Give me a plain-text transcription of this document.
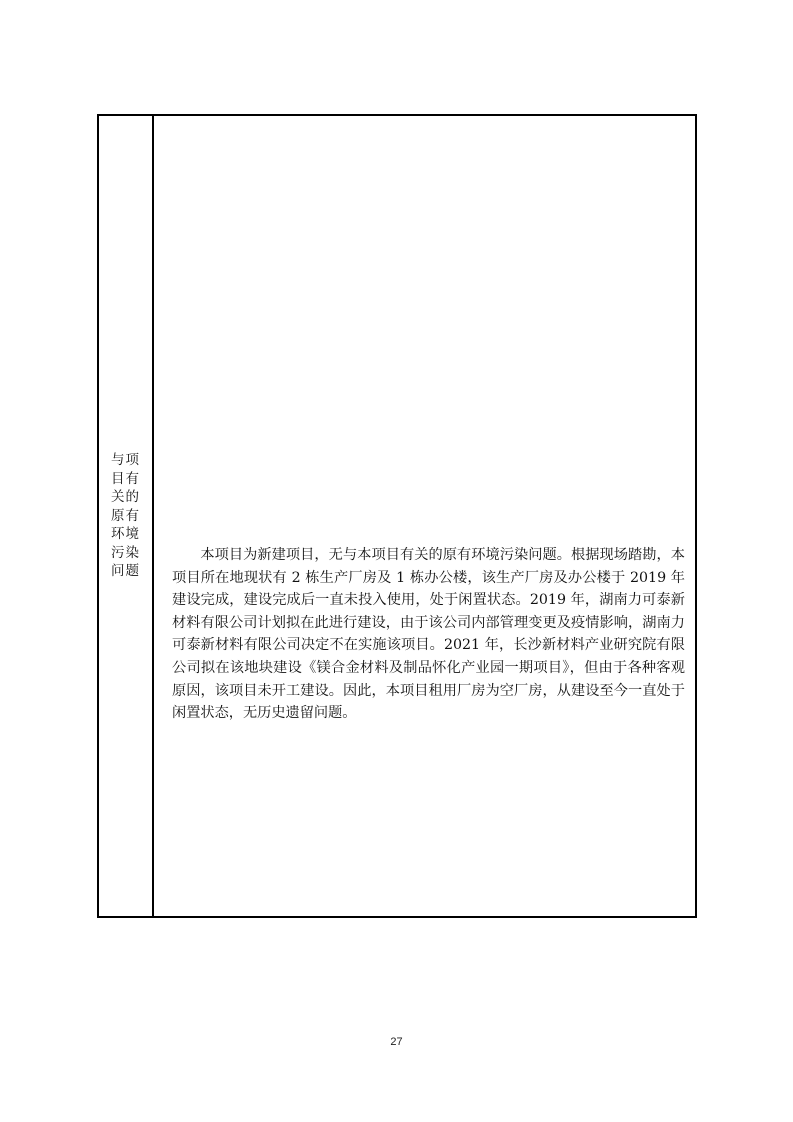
与项目有关的原有环境污染问题

本项目为新建项目，无与本项目有关的原有环境污染问题。根据现场踏勘，本项目所在地现状有 2 栋生产厂房及 1 栋办公楼，该生产厂房及办公楼于 2019 年建设完成，建设完成后一直未投入使用，处于闲置状态。2019 年，湖南力可泰新材料有限公司计划拟在此进行建设，由于该公司内部管理变更及疫情影响，湖南力可泰新材料有限公司决定不在实施该项目。2021 年，长沙新材料产业研究院有限公司拟在该地块建设《镁合金材料及制品怀化产业园一期项目》，但由于各种客观原因，该项目未开工建设。因此，本项目租用厂房为空厂房，从建设至今一直处于闲置状态，无历史遗留问题。

27
